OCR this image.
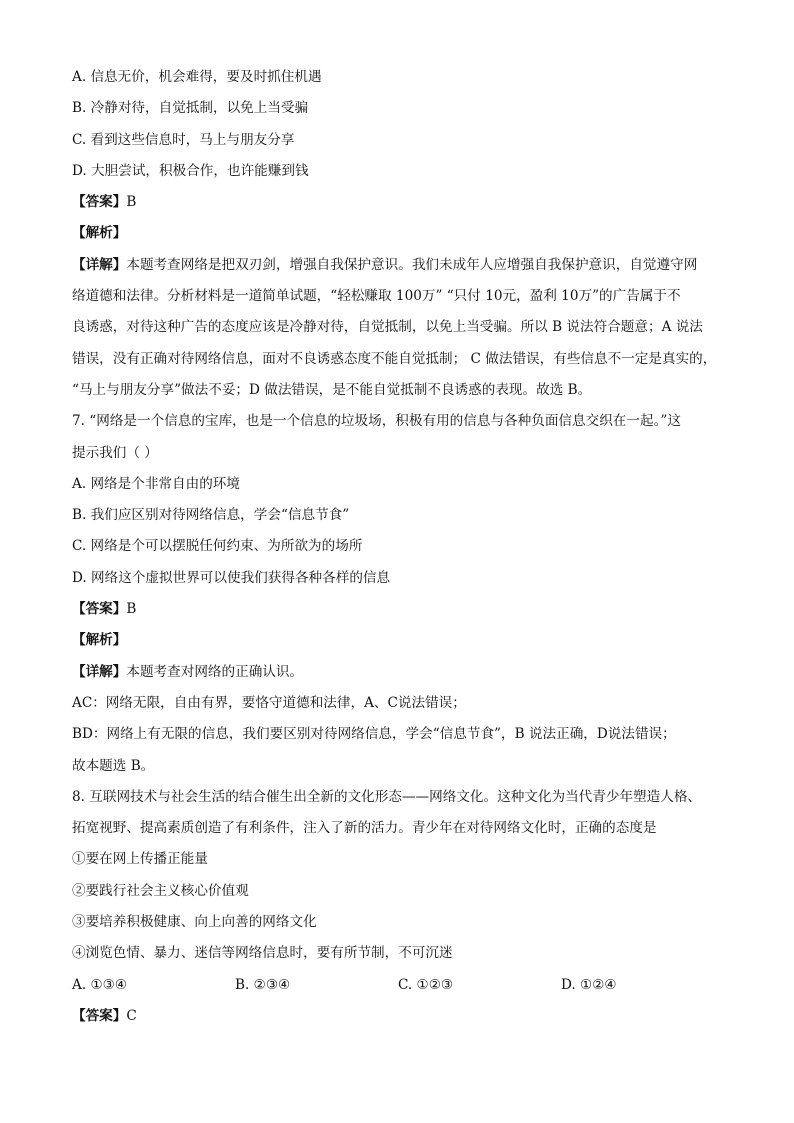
A. 信息无价，机会难得，要及时抓住机遇
B. 冷静对待，自觉抵制，以免上当受骗
C. 看到这些信息时，马上与朋友分享
D. 大胆尝试，积极合作，也许能赚到钱
【答案】B
【解析】
【详解】本题考查网络是把双刃剑，增强自我保护意识。我们未成年人应增强自我保护意识，自觉遵守网
络道德和法律。分析材料是一道简单试题，“轻松赚取 100万” “只付 10元，盈利 10万”的广告属于不
良诱惑，对待这种广告的态度应该是冷静对待，自觉抵制，以免上当受骗。所以 B 说法符合题意；A 说法
错误，没有正确对待网络信息，面对不良诱惑态度不能自觉抵制； C 做法错误，有些信息不一定是真实的，
“马上与朋友分享”做法不妥；D 做法错误，是不能自觉抵制不良诱惑的表现。故选 B。
7. “网络是一个信息的宝库，也是一个信息的垃圾场，积极有用的信息与各种负面信息交织在一起。”这
提示我们（ ）
A. 网络是个非常自由的环境
B. 我们应区别对待网络信息，学会“信息节食”
C. 网络是个可以摆脱任何约束、为所欲为的场所
D. 网络这个虚拟世界可以使我们获得各种各样的信息
【答案】B
【解析】
【详解】本题考查对网络的正确认识。
AC：网络无限，自由有界，要恪守道德和法律，A、C说法错误；
BD：网络上有无限的信息，我们要区别对待网络信息，学会“信息节食”，B 说法正确，D说法错误；
故本题选 B。
8. 互联网技术与社会生活的结合催生出全新的文化形态——网络文化。这种文化为当代青少年塑造人格、
拓宽视野、提高素质创造了有利条件，注入了新的活力。青少年在对待网络文化时，正确的态度是
①要在网上传播正能量
②要践行社会主义核心价值观
③要培养积极健康、向上向善的网络文化
④浏览色情、暴力、迷信等网络信息时，要有所节制，不可沉迷
A. ①③④	B. ②③④	C. ①②③	D. ①②④
【答案】C
